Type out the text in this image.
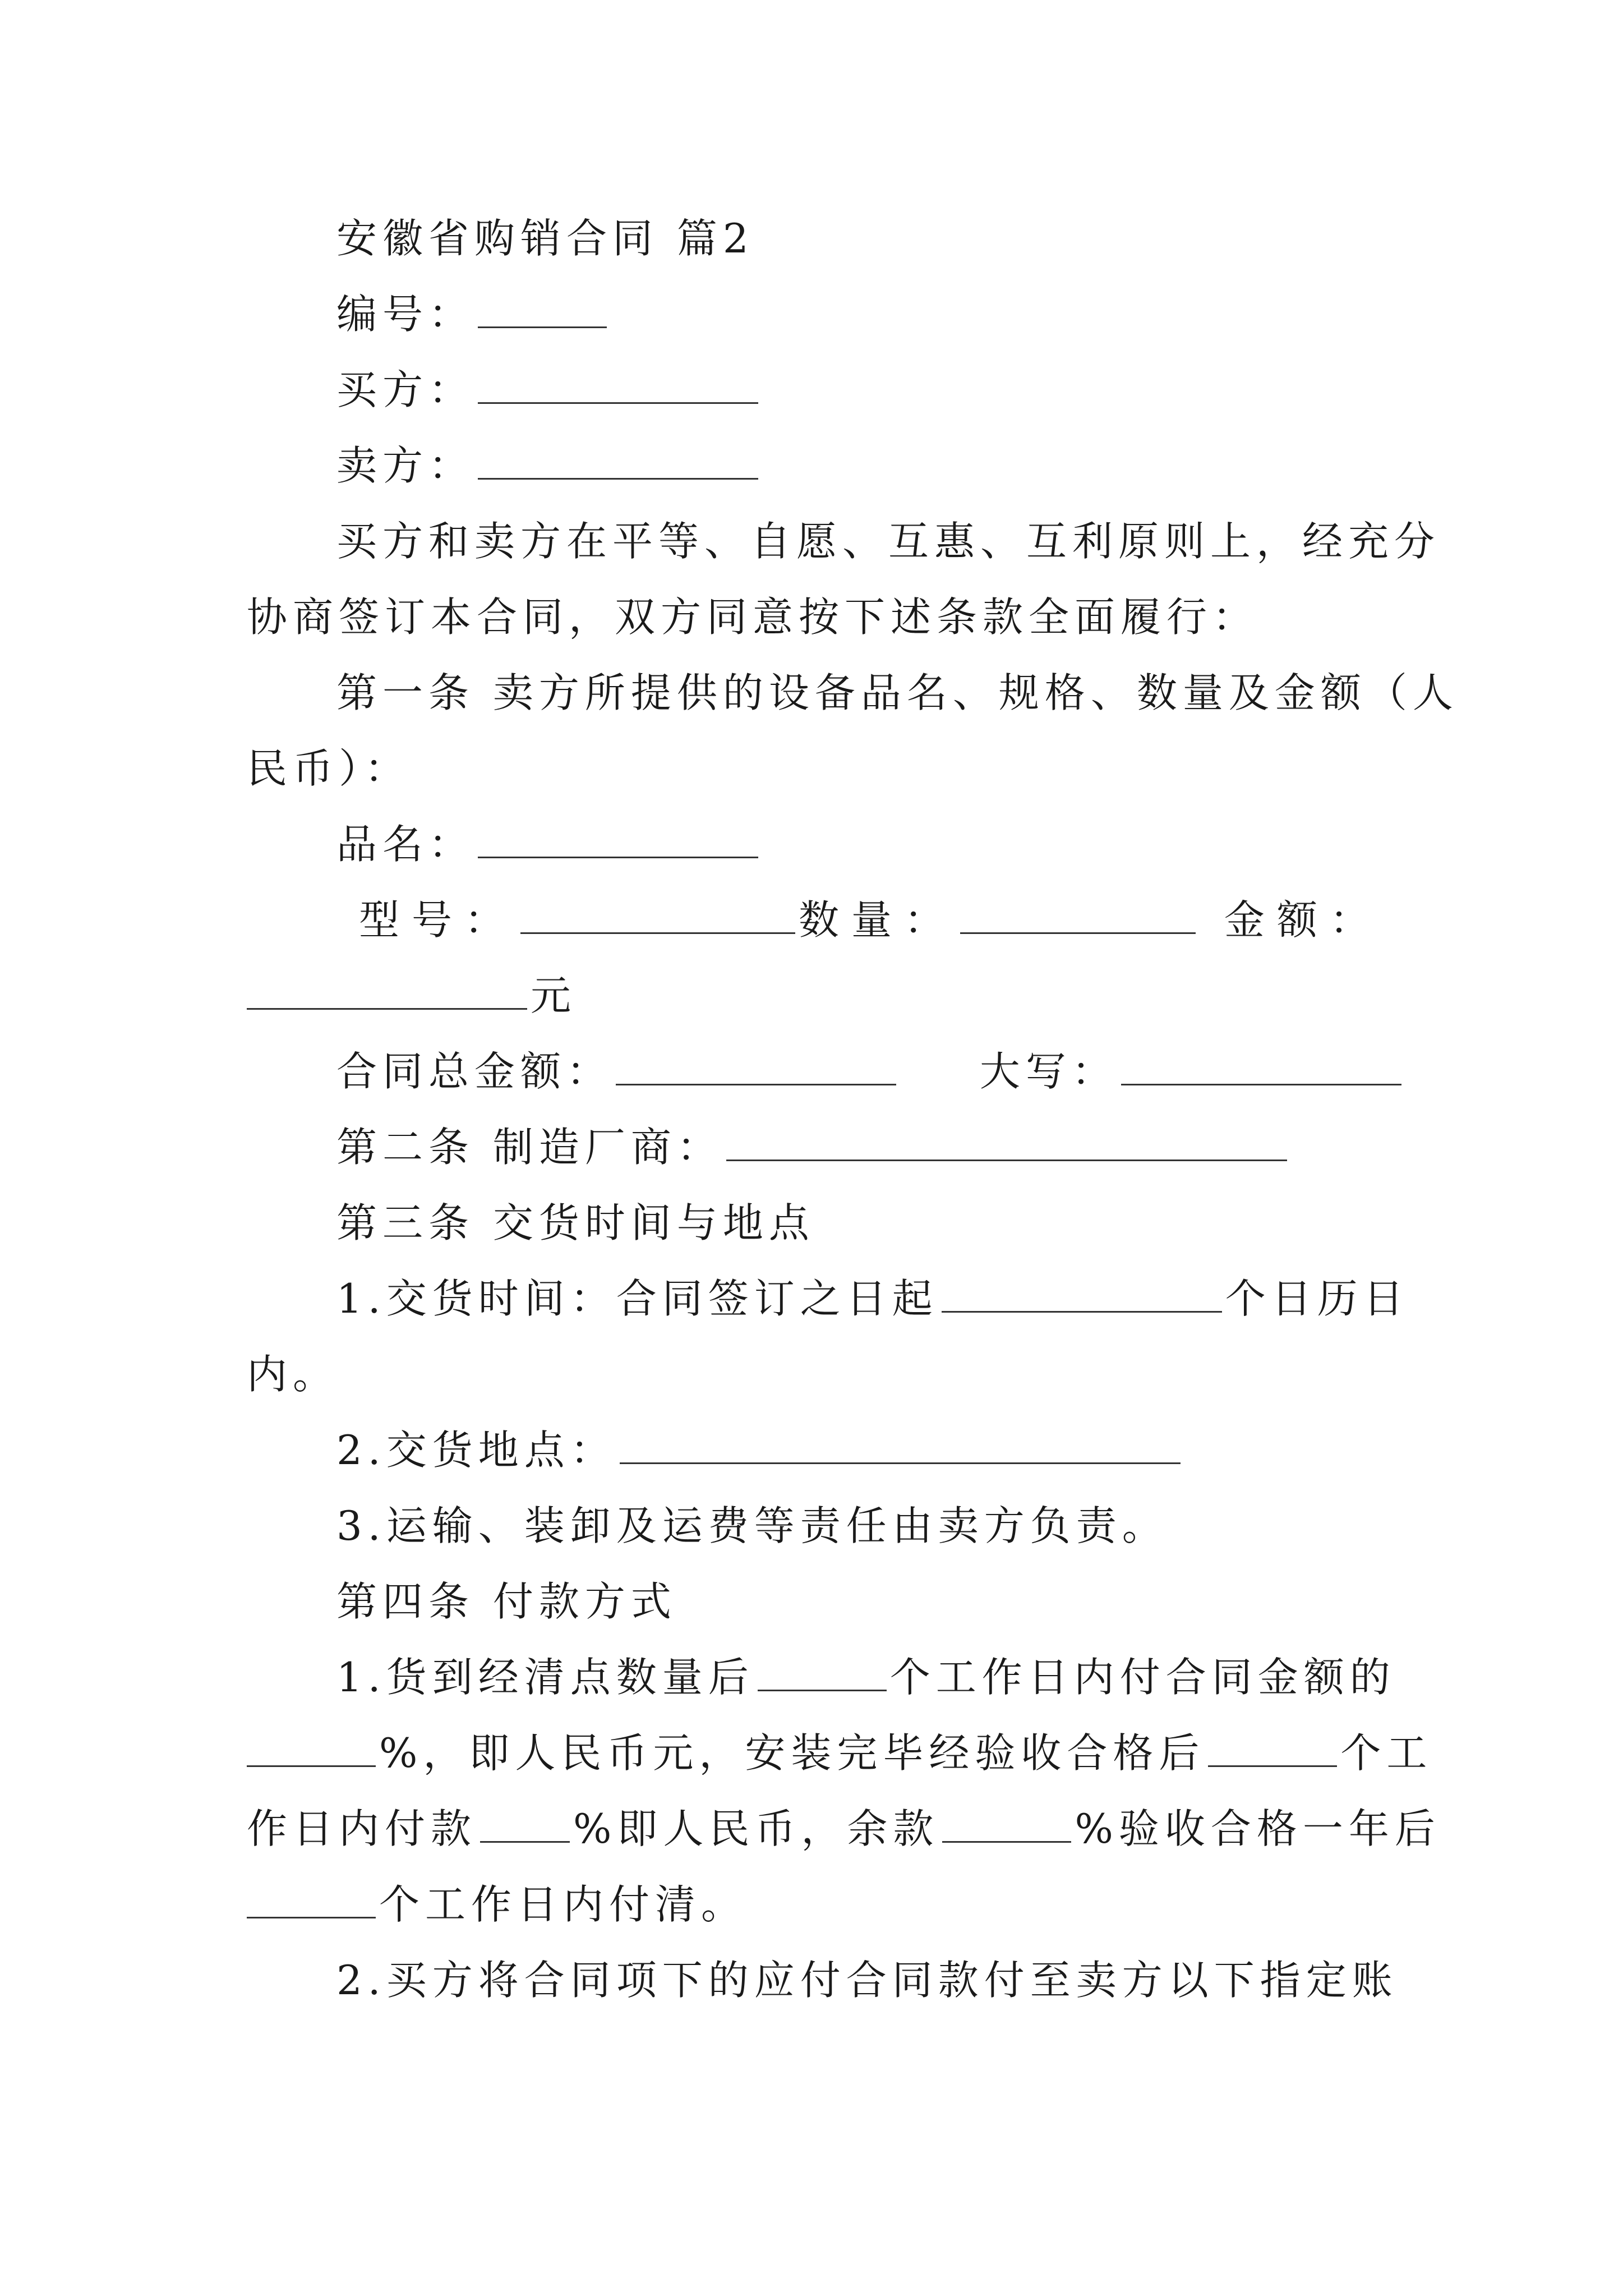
安徽省购销合同 篇2
编号：
买方：
卖方：
买方和卖方在平等、自愿、互惠、互利原则上，经充分
协商签订本合同，双方同意按下述条款全面履行：
第一条 卖方所提供的设备品名、规格、数量及金额（人
民币）：
品名：
型号：	数量：	金额：
元
合同总金额：	大写：
第二条 制造厂商：
第三条 交货时间与地点
1.交货时间：合同签订之日起	个日历日
内。
2.交货地点：
3.运输、装卸及运费等责任由卖方负责。
第四条 付款方式
1.货到经清点数量后	个工作日内付合同金额的
%，即人民币元，安装完毕经验收合格后	个工
作日内付款 %即人民币，余款	%验收合格一年后
个工作日内付清。
2.买方将合同项下的应付合同款付至卖方以下指定账
